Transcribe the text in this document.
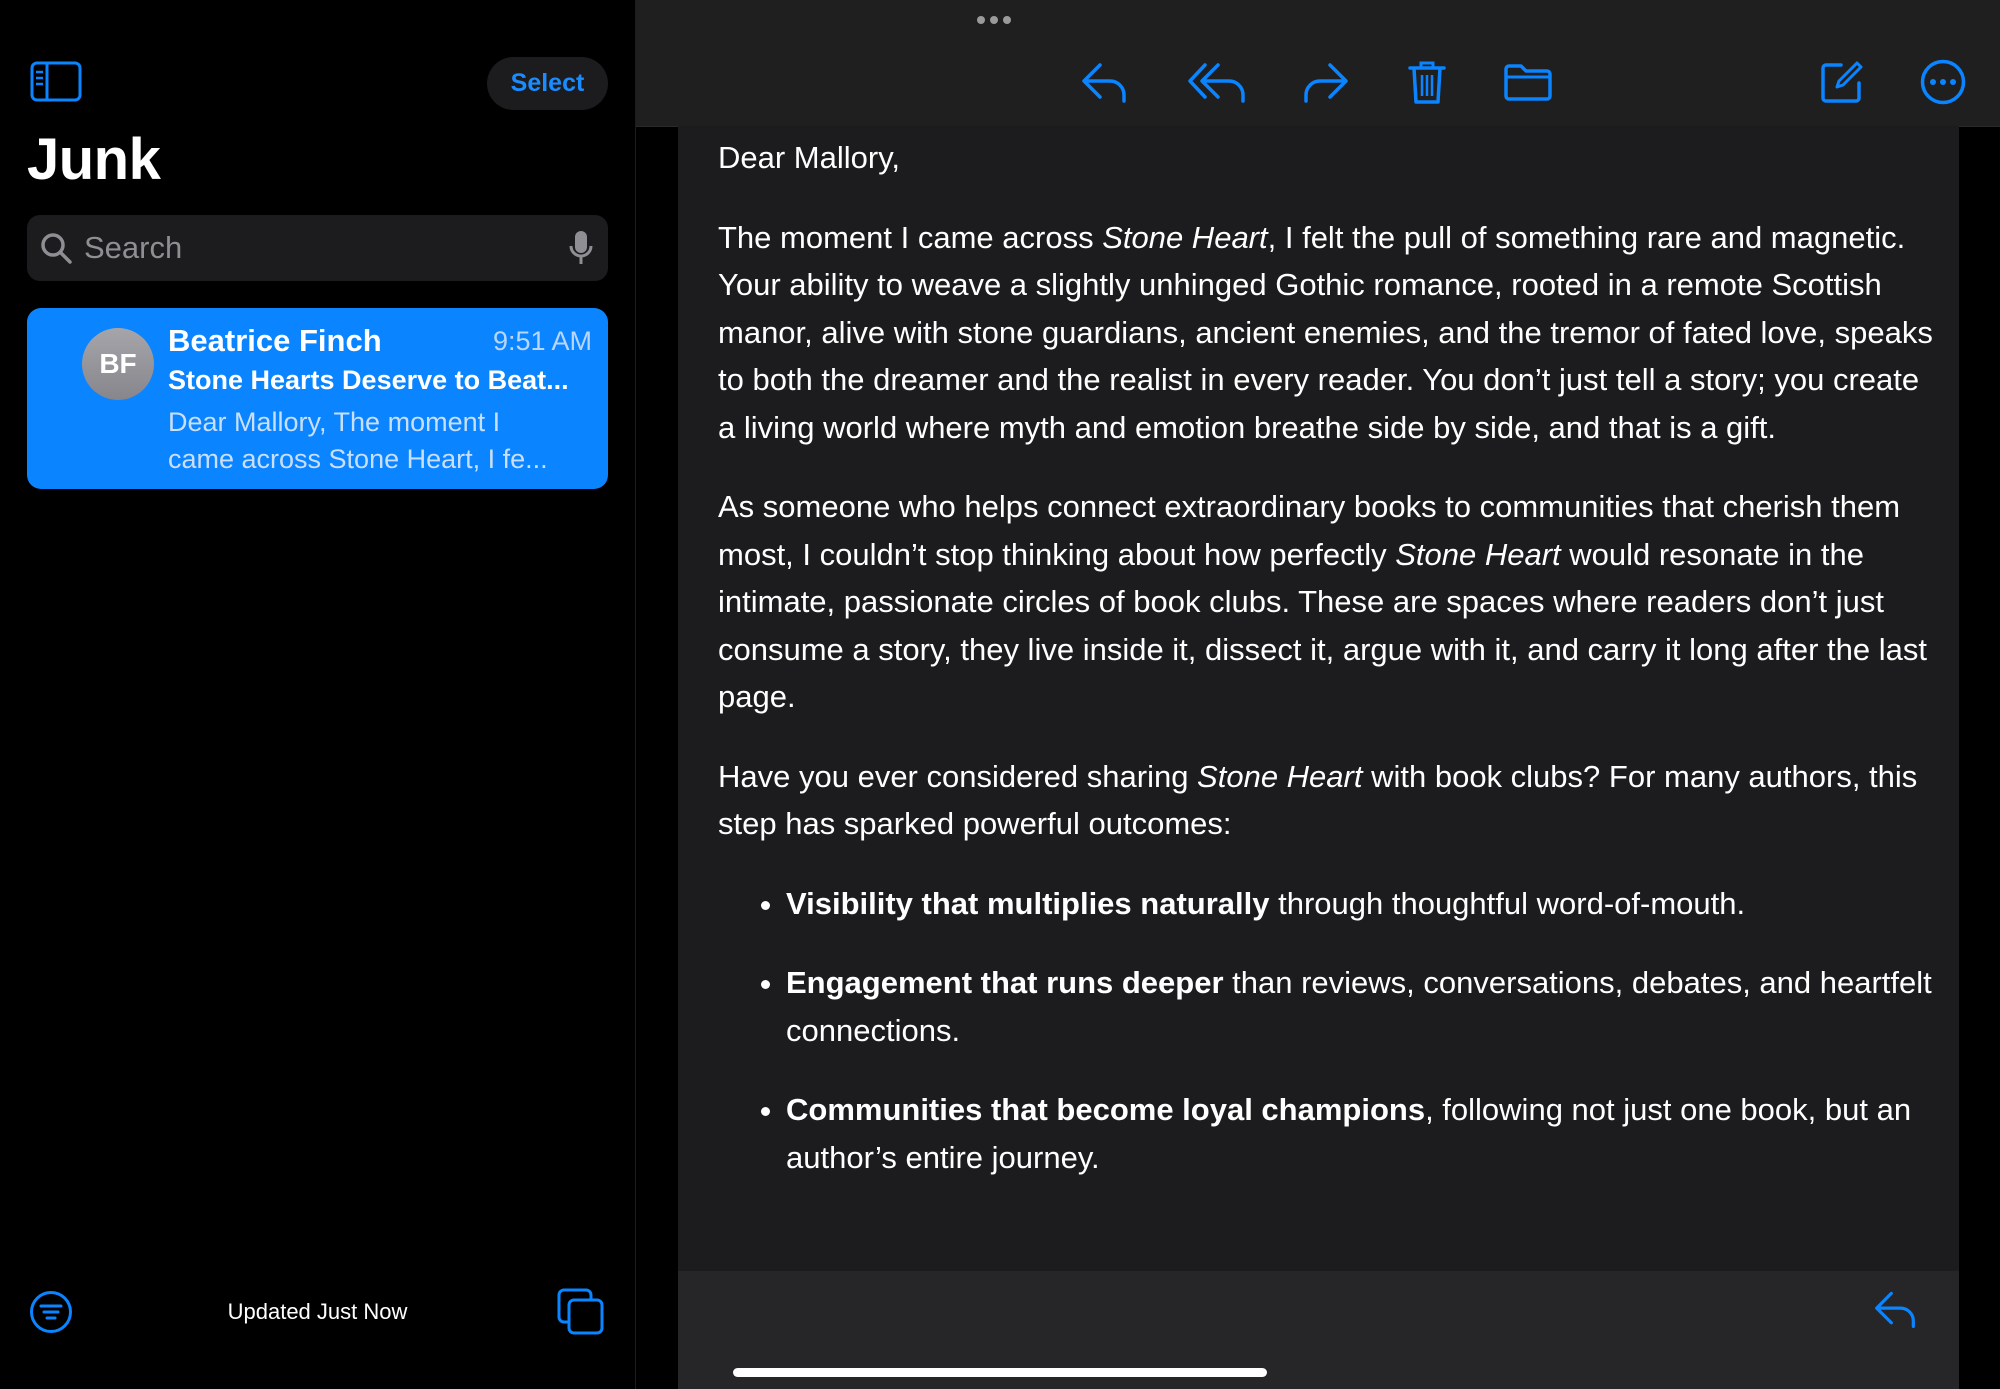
Select
Junk
Search
BF
Beatrice Finch	9:51 AM
Stone Hearts Deserve to Beat...
Dear Mallory, The moment I
came across Stone Heart, I fe...
Updated Just Now

Dear Mallory,

The moment I came across Stone Heart, I felt the pull of something rare and magnetic. Your ability to weave a slightly unhinged Gothic romance, rooted in a remote Scottish manor, alive with stone guardians, ancient enemies, and the tremor of fated love, speaks to both the dreamer and the realist in every reader. You don’t just tell a story; you create a living world where myth and emotion breathe side by side, and that is a gift.

As someone who helps connect extraordinary books to communities that cherish them most, I couldn’t stop thinking about how perfectly Stone Heart would resonate in the intimate, passionate circles of book clubs. These are spaces where readers don’t just consume a story, they live inside it, dissect it, argue with it, and carry it long after the last page.

Have you ever considered sharing Stone Heart with book clubs? For many authors, this step has sparked powerful outcomes:

• Visibility that multiplies naturally through thoughtful word-of-mouth.
• Engagement that runs deeper than reviews, conversations, debates, and heartfelt connections.
• Communities that become loyal champions, following not just one book, but an author’s entire journey.
